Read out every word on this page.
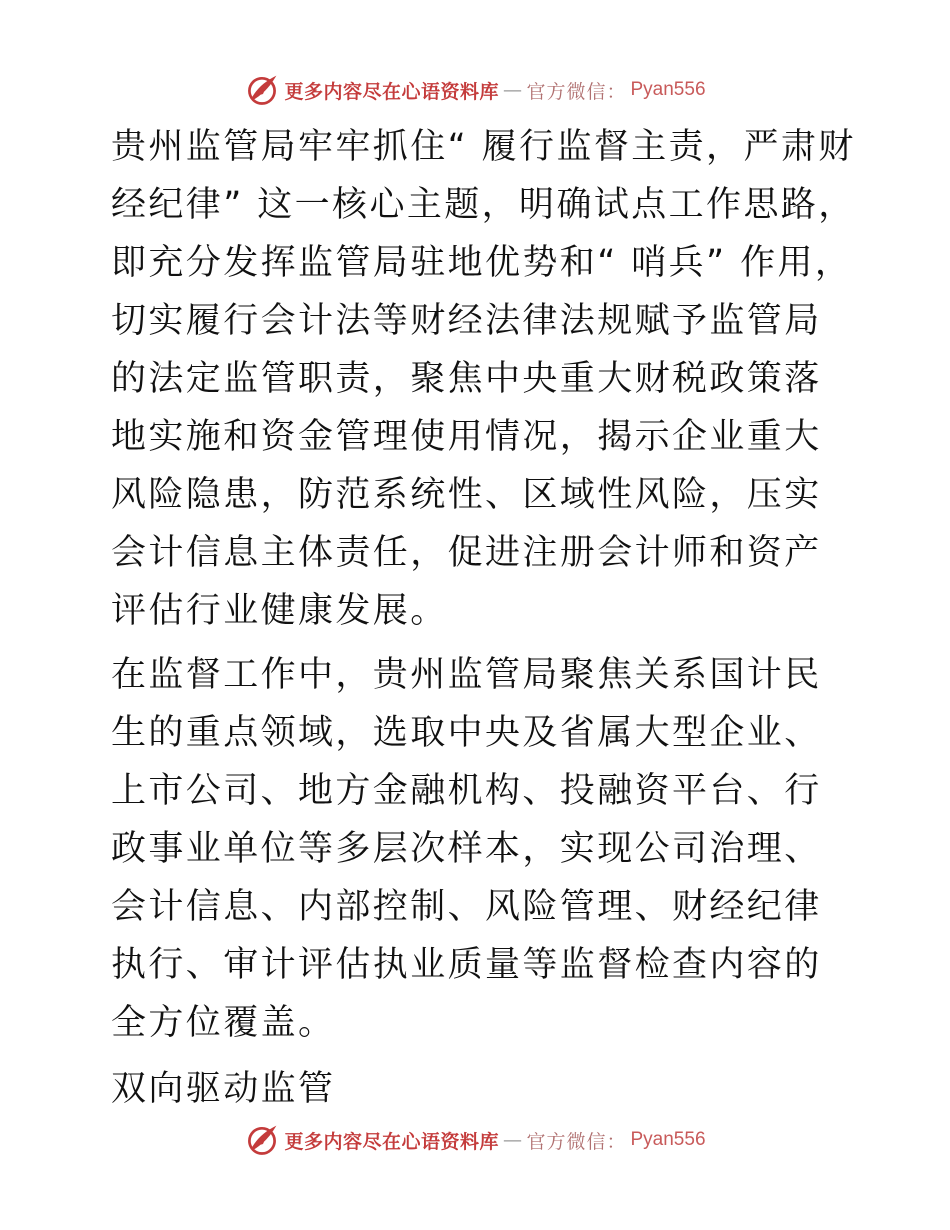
更多内容尽在心语资料库 — 官方微信： Pyan556

贵州监管局牢牢抓住“ 履行监督主责，严肃财经纪律” 这一核心主题，明确试点工作思路，即充分发挥监管局驻地优势和“ 哨兵” 作用，切实履行会计法等财经法律法规赋予监管局的法定监管职责，聚焦中央重大财税政策落地实施和资金管理使用情况，揭示企业重大风险隐患，防范系统性、区域性风险，压实会计信息主体责任，促进注册会计师和资产评估行业健康发展。

在监督工作中，贵州监管局聚焦关系国计民生的重点领域，选取中央及省属大型企业、上市公司、地方金融机构、投融资平台、行政事业单位等多层次样本，实现公司治理、会计信息、内部控制、风险管理、财经纪律执行、审计评估执业质量等监督检查内容的全方位覆盖。

双向驱动监管

更多内容尽在心语资料库 — 官方微信： Pyan556
